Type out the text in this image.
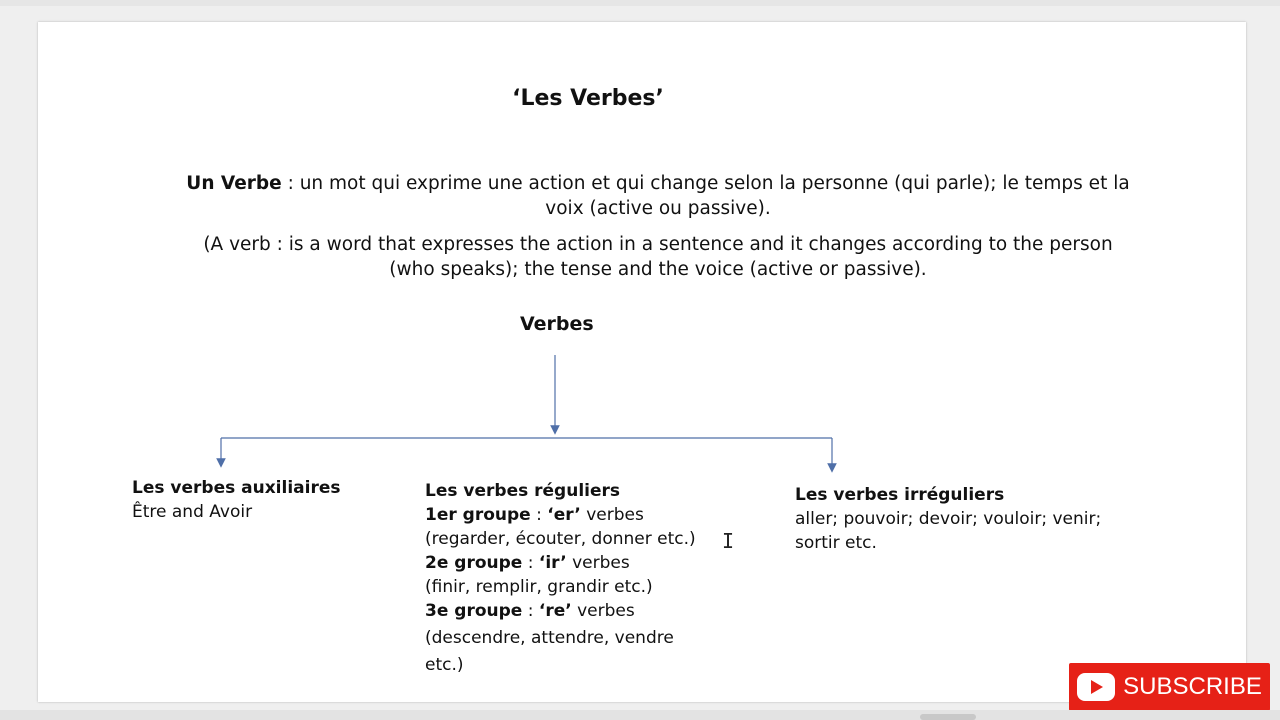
‘Les Verbes’
Un Verbe : un mot qui exprime une action et qui change selon la personne (qui parle); le temps et la voix (active ou passive).
(A verb : is a word that expresses the action in a sentence and it changes according to the person (who speaks); the tense and the voice (active or passive).
Verbes
Les verbes auxiliaires
Être and Avoir
Les verbes réguliers
1er groupe : ‘er’ verbes
(regarder, écouter, donner etc.)
2e groupe : ‘ir’ verbes
(finir, remplir, grandir etc.)
3e groupe : ‘re’ verbes
(descendre, attendre, vendre etc.)
Les verbes irréguliers
aller; pouvoir; devoir; vouloir; venir; sortir etc.
I
SUBSCRIBE
